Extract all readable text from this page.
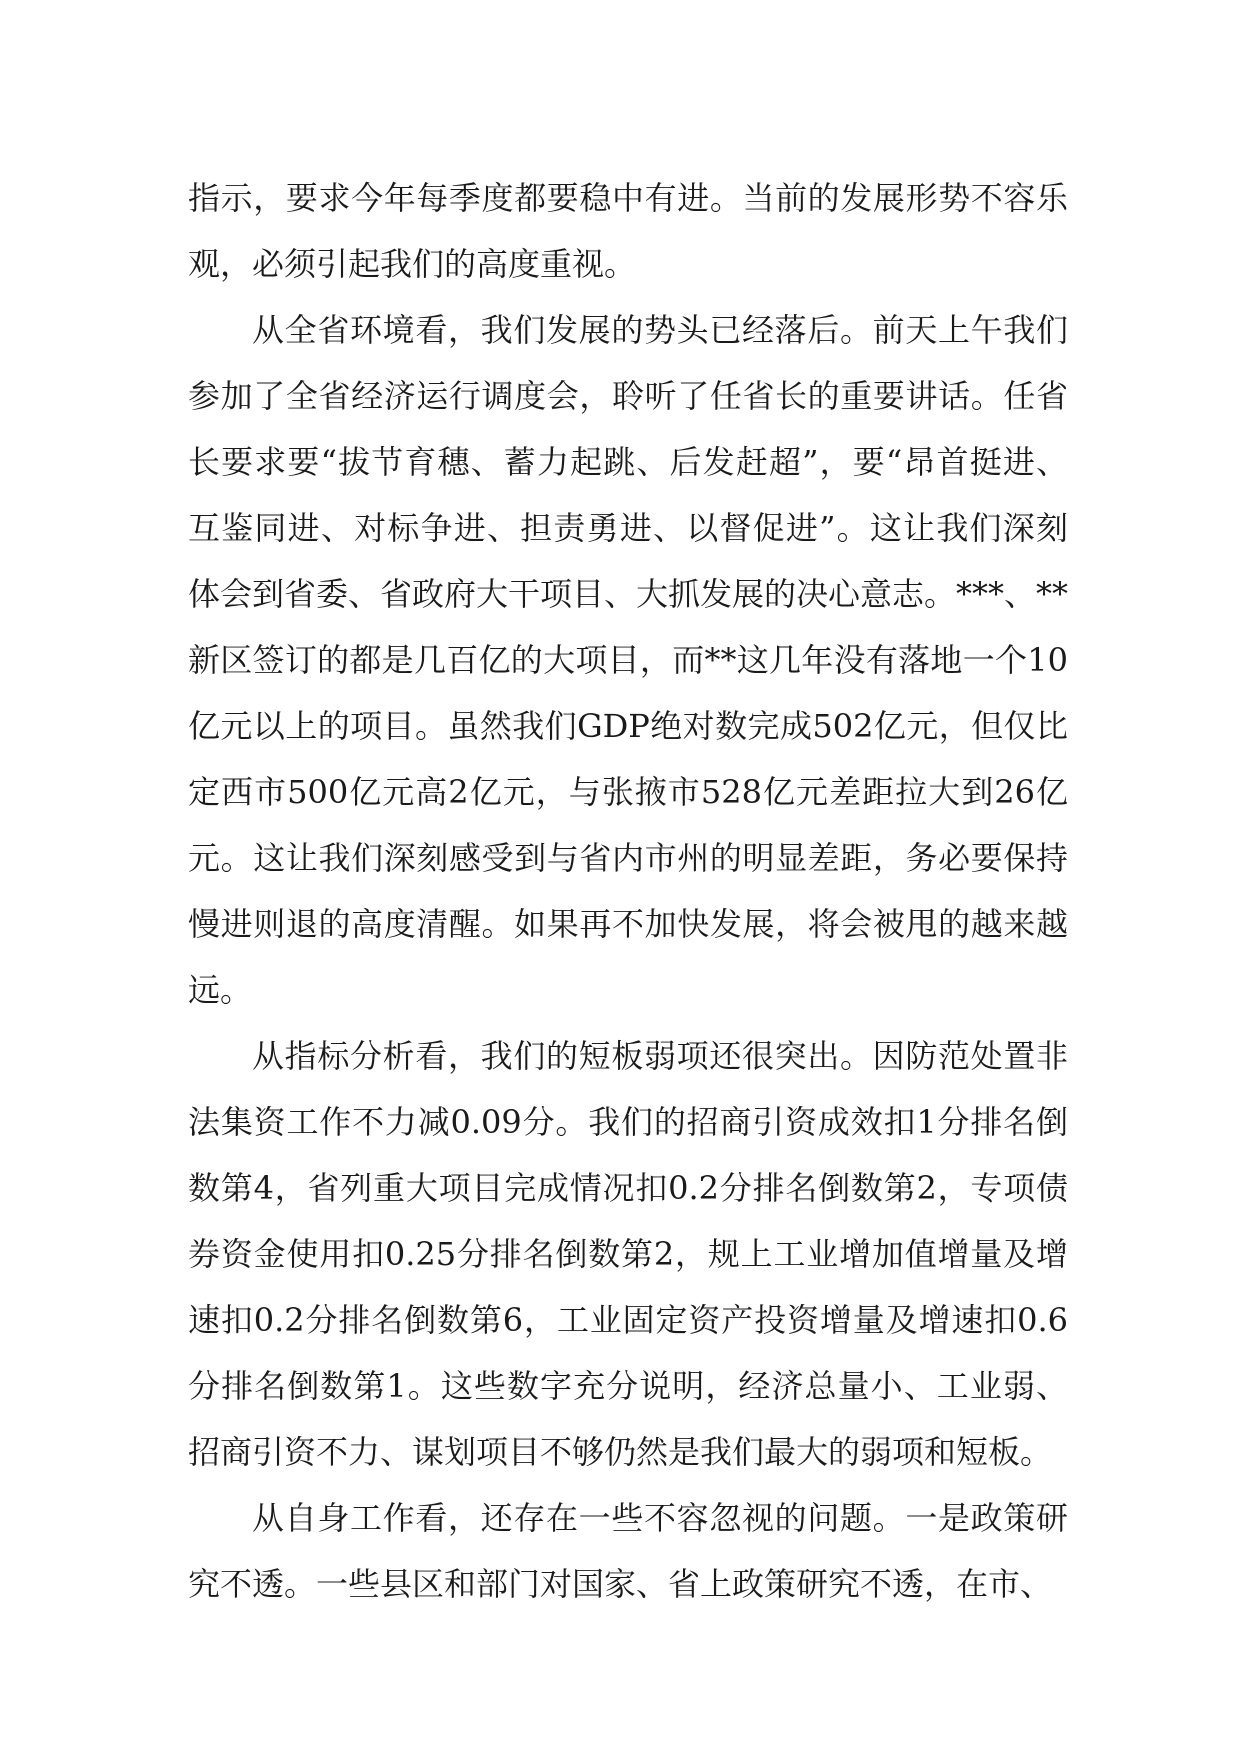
指示，要求今年每季度都要稳中有进。当前的发展形势不容乐观，必须引起我们的高度重视。

从全省环境看，我们发展的势头已经落后。前天上午我们参加了全省经济运行调度会，聆听了任省长的重要讲话。任省长要求要“拔节育穗、蓄力起跳、后发赶超”，要“昂首挺进、互鉴同进、对标争进、担责勇进、以督促进”。这让我们深刻体会到省委、省政府大干项目、大抓发展的决心意志。***、**新区签订的都是几百亿的大项目，而**这几年没有落地一个10亿元以上的项目。虽然我们GDP绝对数完成502亿元，但仅比定西市500亿元高2亿元，与张掖市528亿元差距拉大到26亿元。这让我们深刻感受到与省内市州的明显差距，务必要保持慢进则退的高度清醒。如果再不加快发展，将会被甩的越来越远。

从指标分析看，我们的短板弱项还很突出。因防范处置非法集资工作不力减0.09分。我们的招商引资成效扣1分排名倒数第4，省列重大项目完成情况扣0.2分排名倒数第2，专项债券资金使用扣0.25分排名倒数第2，规上工业增加值增量及增速扣0.2分排名倒数第6，工业固定资产投资增量及增速扣0.6分排名倒数第1。这些数字充分说明，经济总量小、工业弱、招商引资不力、谋划项目不够仍然是我们最大的弱项和短板。

从自身工作看，还存在一些不容忽视的问题。一是政策研究不透。一些县区和部门对国家、省上政策研究不透，在市、
